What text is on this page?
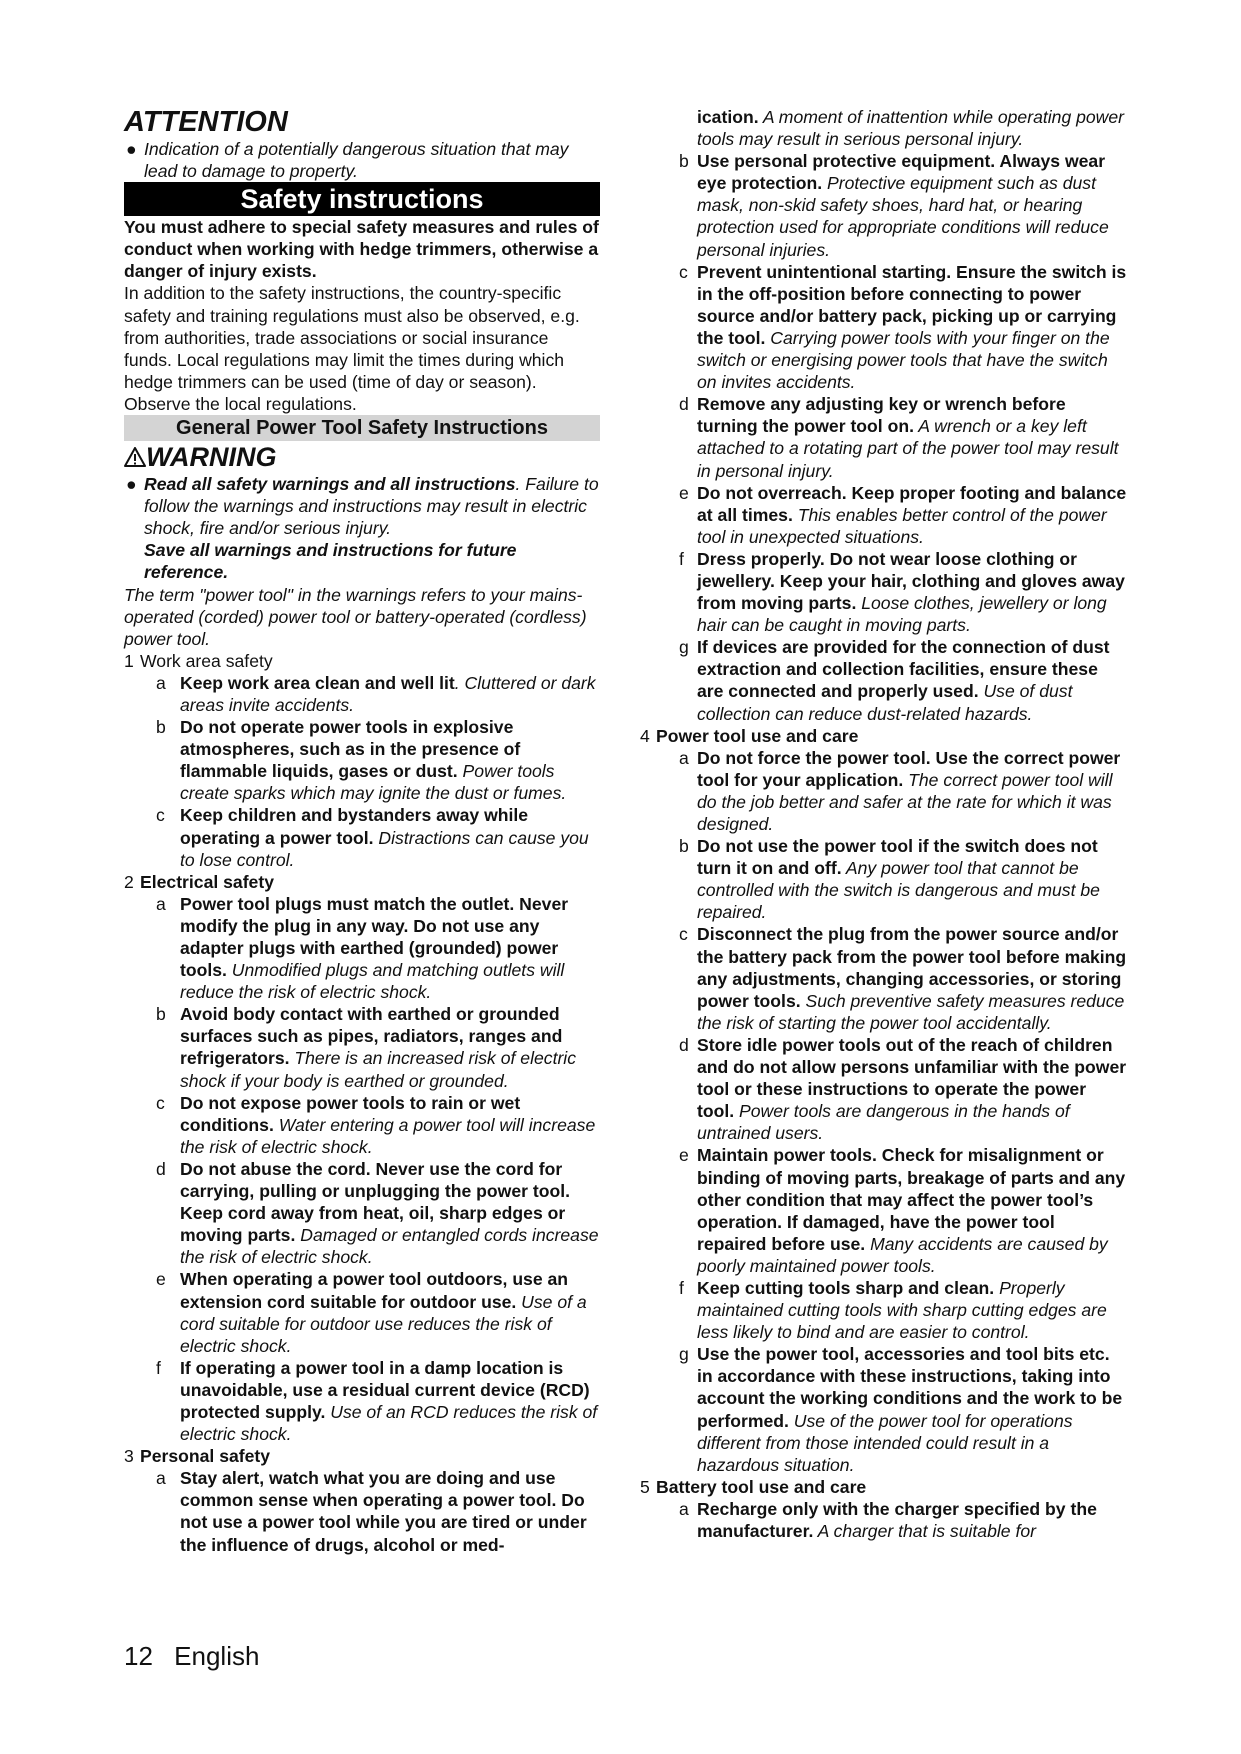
ATTENTION
● Indication of a potentially dangerous situation that may lead to damage to property.
Safety instructions
You must adhere to special safety measures and rules of conduct when working with hedge trimmers, otherwise a danger of injury exists.
In addition to the safety instructions, the country-specific safety and training regulations must also be observed, e.g. from authorities, trade associations or social insurance funds. Local regulations may limit the times during which hedge trimmers can be used (time of day or season). Observe the local regulations.
General Power Tool Safety Instructions
WARNING
● Read all safety warnings and all instructions. Failure to follow the warnings and instructions may result in electric shock, fire and/or serious injury.
Save all warnings and instructions for future reference.
The term "power tool" in the warnings refers to your mains-operated (corded) power tool or battery-operated (cordless) power tool.
1 Work area safety
a Keep work area clean and well lit. Cluttered or dark areas invite accidents.
b Do not operate power tools in explosive atmospheres, such as in the presence of flammable liquids, gases or dust. Power tools create sparks which may ignite the dust or fumes.
c Keep children and bystanders away while operating a power tool. Distractions can cause you to lose control.
2 Electrical safety
a Power tool plugs must match the outlet. Never modify the plug in any way. Do not use any adapter plugs with earthed (grounded) power tools. Unmodified plugs and matching outlets will reduce the risk of electric shock.
b Avoid body contact with earthed or grounded surfaces such as pipes, radiators, ranges and refrigerators. There is an increased risk of electric shock if your body is earthed or grounded.
c Do not expose power tools to rain or wet conditions. Water entering a power tool will increase the risk of electric shock.
d Do not abuse the cord. Never use the cord for carrying, pulling or unplugging the power tool. Keep cord away from heat, oil, sharp edges or moving parts. Damaged or entangled cords increase the risk of electric shock.
e When operating a power tool outdoors, use an extension cord suitable for outdoor use. Use of a cord suitable for outdoor use reduces the risk of electric shock.
f If operating a power tool in a damp location is unavoidable, use a residual current device (RCD) protected supply. Use of an RCD reduces the risk of electric shock.
3 Personal safety
a Stay alert, watch what you are doing and use common sense when operating a power tool. Do not use a power tool while you are tired or under the influence of drugs, alcohol or med-
ication. A moment of inattention while operating power tools may result in serious personal injury.
b Use personal protective equipment. Always wear eye protection. Protective equipment such as dust mask, non-skid safety shoes, hard hat, or hearing protection used for appropriate conditions will reduce personal injuries.
c Prevent unintentional starting. Ensure the switch is in the off-position before connecting to power source and/or battery pack, picking up or carrying the tool. Carrying power tools with your finger on the switch or energising power tools that have the switch on invites accidents.
d Remove any adjusting key or wrench before turning the power tool on. A wrench or a key left attached to a rotating part of the power tool may result in personal injury.
e Do not overreach. Keep proper footing and balance at all times. This enables better control of the power tool in unexpected situations.
f Dress properly. Do not wear loose clothing or jewellery. Keep your hair, clothing and gloves away from moving parts. Loose clothes, jewellery or long hair can be caught in moving parts.
g If devices are provided for the connection of dust extraction and collection facilities, ensure these are connected and properly used. Use of dust collection can reduce dust-related hazards.
4 Power tool use and care
a Do not force the power tool. Use the correct power tool for your application. The correct power tool will do the job better and safer at the rate for which it was designed.
b Do not use the power tool if the switch does not turn it on and off. Any power tool that cannot be controlled with the switch is dangerous and must be repaired.
c Disconnect the plug from the power source and/or the battery pack from the power tool before making any adjustments, changing accessories, or storing power tools. Such preventive safety measures reduce the risk of starting the power tool accidentally.
d Store idle power tools out of the reach of children and do not allow persons unfamiliar with the power tool or these instructions to operate the power tool. Power tools are dangerous in the hands of untrained users.
e Maintain power tools. Check for misalignment or binding of moving parts, breakage of parts and any other condition that may affect the power tool’s operation. If damaged, have the power tool repaired before use. Many accidents are caused by poorly maintained power tools.
f Keep cutting tools sharp and clean. Properly maintained cutting tools with sharp cutting edges are less likely to bind and are easier to control.
g Use the power tool, accessories and tool bits etc. in accordance with these instructions, taking into account the working conditions and the work to be performed. Use of the power tool for operations different from those intended could result in a hazardous situation.
5 Battery tool use and care
a Recharge only with the charger specified by the manufacturer. A charger that is suitable for
12 English
